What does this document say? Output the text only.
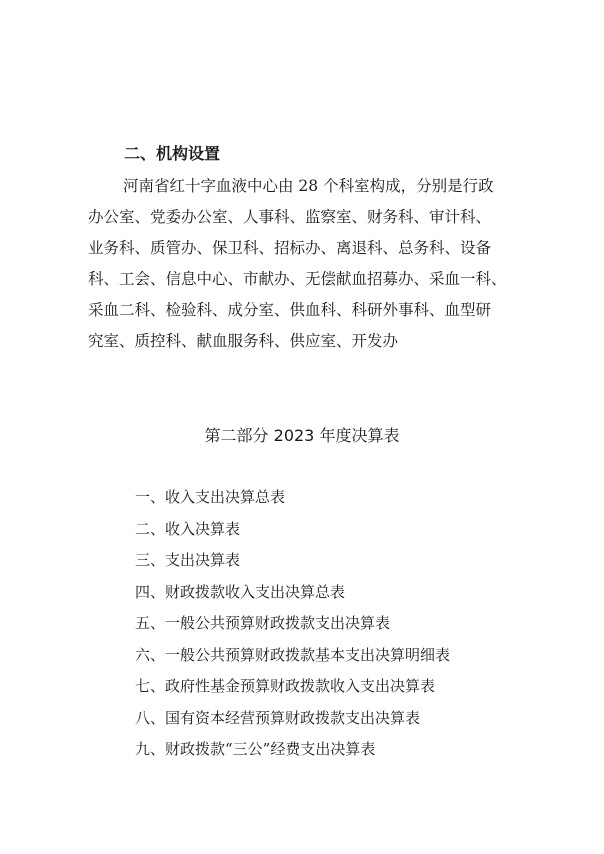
二、机构设置
河南省红十字血液中心由 28 个科室构成，分别是行政
办公室、党委办公室、人事科、监察室、财务科、审计科、
业务科、质管办、保卫科、招标办、离退科、总务科、设备
科、工会、信息中心、市献办、无偿献血招募办、采血一科、
采血二科、检验科、成分室、供血科、科研外事科、血型研
究室、质控科、献血服务科、供应室、开发办
第二部分 2023 年度决算表
一、收入支出决算总表
二、收入决算表
三、支出决算表
四、财政拨款收入支出决算总表
五、一般公共预算财政拨款支出决算表
六、一般公共预算财政拨款基本支出决算明细表
七、政府性基金预算财政拨款收入支出决算表
八、国有资本经营预算财政拨款支出决算表
九、财政拨款“三公”经费支出决算表
